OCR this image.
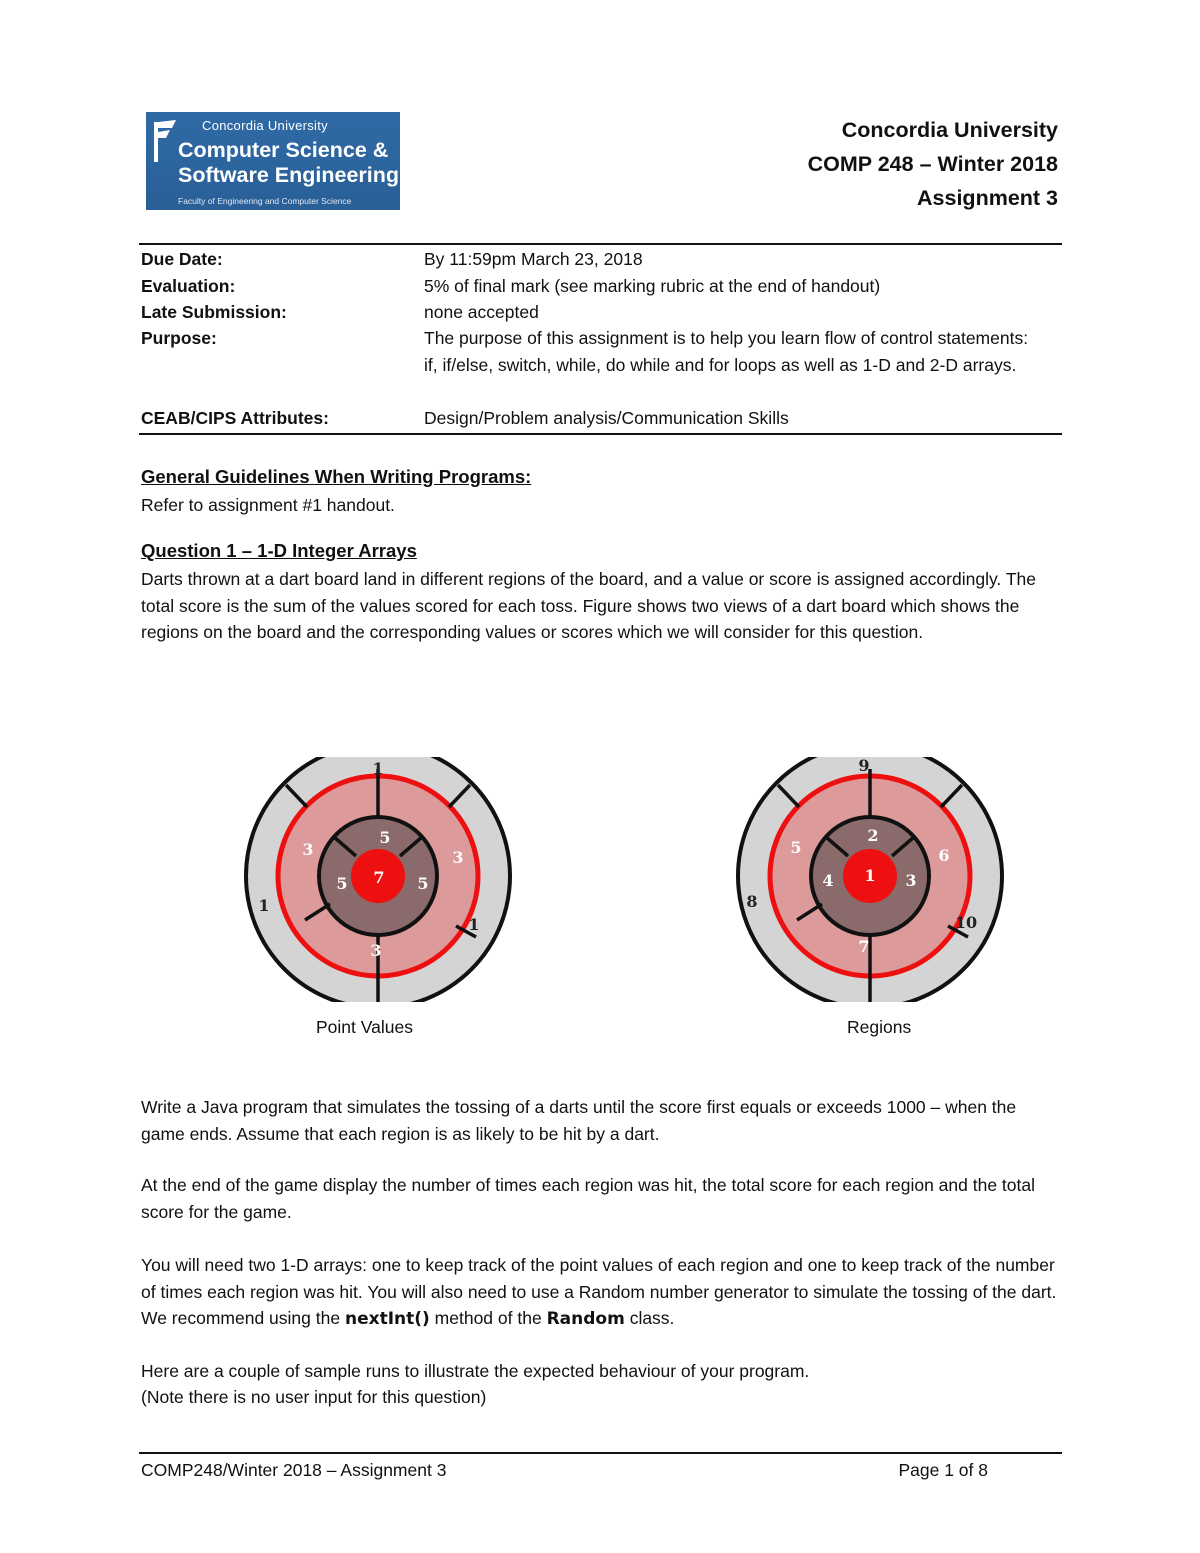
Concordia University
Computer Science &
Software Engineering
Faculty of Engineering and Computer Science
Concordia University
COMP 248 – Winter 2018
Assignment 3
Due Date:	By 11:59pm March 23, 2018
Evaluation:	5% of final mark (see marking rubric at the end of handout)
Late Submission:	none accepted
Purpose:	The purpose of this assignment is to help you learn flow of control statements: if, if/else, switch, while, do while and for loops as well as 1-D and 2-D arrays.
CEAB/CIPS Attributes:	Design/Problem analysis/Communication Skills
General Guidelines When Writing Programs:
Refer to assignment #1 handout.
Question 1 – 1-D Integer Arrays
Darts thrown at a dart board land in different regions of the board, and a value or score is assigned accordingly. The total score is the sum of the values scored for each toss. Figure shows two views of a dart board which shows the regions on the board and the corresponding values or scores which we will consider for this question.
1
1
1
3	3
3
5
5	5
7
Point Values
9
8
10
5	6
7
2
4	3
1
Regions
Write a Java program that simulates the tossing of a darts until the score first equals or exceeds 1000 – when the game ends. Assume that each region is as likely to be hit by a dart.
At the end of the game display the number of times each region was hit, the total score for each region and the total score for the game.
You will need two 1-D arrays: one to keep track of the point values of each region and one to keep track of the number of times each region was hit. You will also need to use a Random number generator to simulate the tossing of the dart. We recommend using the nextInt() method of the Random class.
Here are a couple of sample runs to illustrate the expected behaviour of your program.
(Note there is no user input for this question)
COMP248/Winter 2018 – Assignment 3	Page 1 of 8
